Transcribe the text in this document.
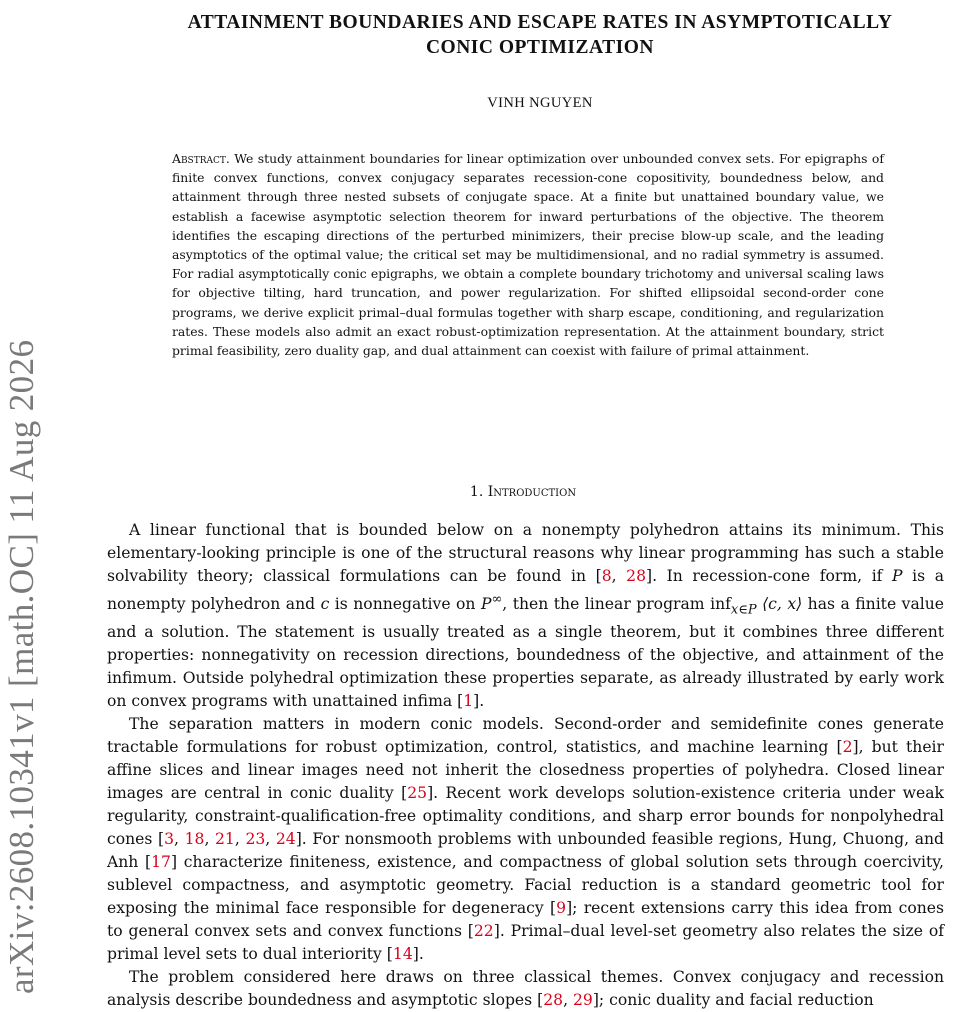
arXiv:2608.10341v1 [math.OC] 11 Aug 2026
ATTAINMENT BOUNDARIES AND ESCAPE RATES IN ASYMPTOTICALLY
CONIC OPTIMIZATION
VINH NGUYEN
Abstract. We study attainment boundaries for linear optimization over unbounded convex sets. For epigraphs of finite convex functions, convex conjugacy separates recession-cone copositivity, boundedness below, and attainment through three nested subsets of conjugate space. At a finite but unattained boundary value, we establish a facewise asymptotic selection theorem for inward perturbations of the objective. The theorem identifies the escaping directions of the perturbed minimizers, their precise blow-up scale, and the leading asymptotics of the optimal value; the critical set may be multidimensional, and no radial symmetry is assumed. For radial asymptotically conic epigraphs, we obtain a complete boundary trichotomy and universal scaling laws for objective tilting, hard truncation, and power regularization. For shifted ellipsoidal second-order cone programs, we derive explicit primal–dual formulas together with sharp escape, conditioning, and regularization rates. These models also admit an exact robust-optimization representation. At the attainment boundary, strict primal feasibility, zero duality gap, and dual attainment can coexist with failure of primal attainment.
1. Introduction

A linear functional that is bounded below on a nonempty polyhedron attains its minimum. This elementary-looking principle is one of the structural reasons why linear programming has such a stable solvability theory; classical formulations can be found in [8, 28]. In recession-cone form, if P is a nonempty polyhedron and c is nonnegative on P∞, then the linear program inf$_{x\in P}$ ⟨c, x⟩ has a finite value and a solution. The statement is usually treated as a single theorem, but it combines three different properties: nonnegativity on recession directions, boundedness of the objective, and attainment of the infimum. Outside polyhedral optimization these properties separate, as already illustrated by early work on convex programs with unattained infima [1].

The separation matters in modern conic models. Second-order and semidefinite cones generate tractable formulations for robust optimization, control, statistics, and machine learning [2], but their affine slices and linear images need not inherit the closedness properties of polyhedra. Closed linear images are central in conic duality [25]. Recent work develops solution-existence criteria under weak regularity, constraint-qualification-free optimality conditions, and sharp error bounds for nonpolyhedral cones [3, 18, 21, 23, 24]. For nonsmooth problems with unbounded feasible regions, Hung, Chuong, and Anh [17] characterize finiteness, existence, and compactness of global solution sets through coercivity, sublevel compactness, and asymptotic geometry. Facial reduction is a standard geometric tool for exposing the minimal face responsible for degeneracy [9]; recent extensions carry this idea from cones to general convex sets and convex functions [22]. Primal–dual level-set geometry also relates the size of primal level sets to dual interiority [14].

The problem considered here draws on three classical themes. Convex conjugacy and recession analysis describe boundedness and asymptotic slopes [28, 29]; conic duality and facial reduction
